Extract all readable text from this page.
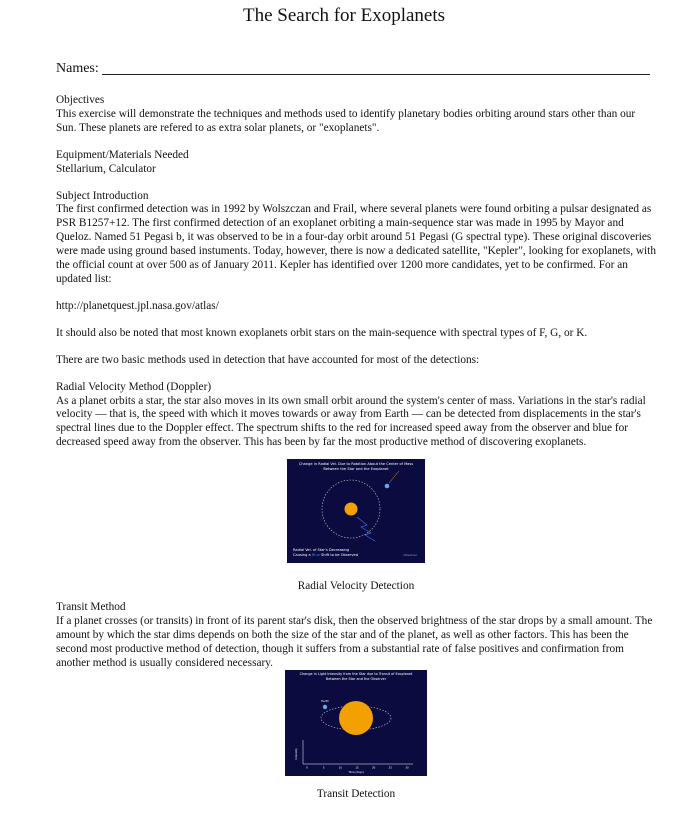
The Search for Exoplanets
Names:

Objectives

This exercise will demonstrate the techniques and methods used to identify planetary bodies orbiting around stars other than our Sun. These planets are refered to as extra solar planets, or "exoplanets".

Equipment/Materials Needed

Stellarium, Calculator

Subject Introduction

The first confirmed detection was in 1992 by Wolszczan and Frail, where several planets were found orbiting a pulsar designated as PSR B1257+12. The first confirmed detection of an exoplanet orbiting a main-sequence star was made in 1995 by Mayor and Queloz. Named 51 Pegasi b, it was observed to be in a four-day orbit around 51 Pegasi (G spectral type). These original discoveries were made using ground based instuments. Today, however, there is now a dedicated satellite, "Kepler", looking for exoplanets, with the official count at over 500 as of January 2011. Kepler has identified over 1200 more candidates, yet to be confirmed. For an updated list:

http://planetquest.jpl.nasa.gov/atlas/

It should also be noted that most known exoplanets orbit stars on the main-sequence with spectral types of F, G, or K.

There are two basic methods used in detection that have accounted for most of the detections:

Radial Velocity Method (Doppler)

As a planet orbits a star, the star also moves in its own small orbit around the system's center of mass. Variations in the star's radial velocity — that is, the speed with which it moves towards or away from Earth — can be detected from displacements in the star's spectral lines due to the Doppler effect. The spectrum shifts to the red for increased speed away from the observer and blue for decreased speed away from the observer. This has been by far the most productive method of discovering exoplanets.

Change in Radial Vel. Due to Rotation About the Center of Mass
Between the Star and the Exoplanet
Radial Vel. of Star's Decreasing
Causing a Blue Shift to be Observed	Observer
Radial Velocity Detection

Transit Method

If a planet crosses (or transits) in front of its parent star's disk, then the observed brightness of the star drops by a small amount. The amount by which the star dims depends on both the size of the star and of the planet, as well as other factors. This has been the second most productive method of detection, though it suffers from a substantial rate of false positives and confirmation from another method is usually considered necessary.

Change in Light Intensity from the Star due to Transit of Exoplanet
Between the Star and the Observer
Earth
Intensity
0	5	10	15	20	25	30
Time (days)
Transit Detection
